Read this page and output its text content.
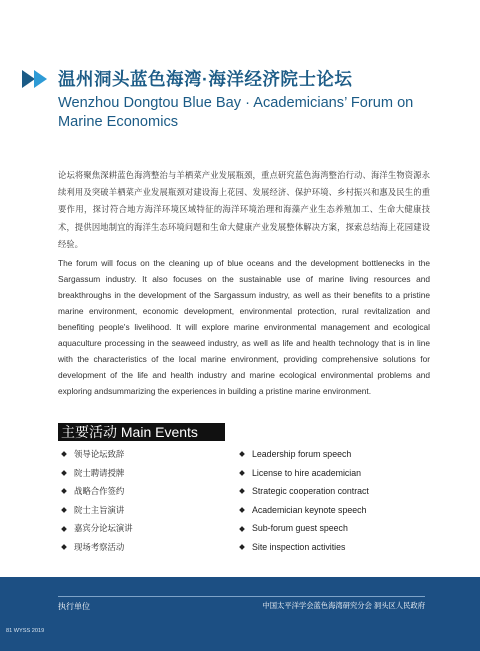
温州洞头蓝色海湾·海洋经济院士论坛
Wenzhou Dongtou Blue Bay · Academicians’ Forum on Marine Economics
论坛将聚焦深耕蓝色海湾整治与羊栖菜产业发展瓶颈，重点研究蓝色海湾整治行动、海洋生物资源永续利用及突破羊栖菜产业发展瓶颈对建设海上花园、发展经济、保护环境、乡村振兴和惠及民生的重要作用，探讨符合地方海洋环境区域特征的海洋环境治理和海藻产业生态养殖加工、生命大健康技术，提供因地制宜的海洋生态环境问题和生命大健康产业发展整体解决方案，探索总结海上花园建设经验。
The forum will focus on the cleaning up of blue oceans and the development bottlenecks in the Sargassum industry. It also focuses on the sustainable use of marine living resources and breakthroughs in the development of the Sargassum industry, as well as their benefits to a pristine marine environment, economic development, environmental protection, rural revitalization and benefiting people's livelihood. It will explore marine environmental management and ecological aquaculture processing in the seaweed industry, as well as life and health technology that is in line with the characteristics of the local marine environment, providing comprehensive solutions for development of the life and health industry and marine ecological environmental problems and exploring andsummarizing the experiences in building a pristine marine environment.
主要活动 Main Events
领导论坛致辞
院士聘请授牌
战略合作签约
院士主旨演讲
嘉宾分论坛演讲
现场考察活动
Leadership forum speech
License to hire academician
Strategic cooperation contract
Academician keynote speech
Sub-forum guest speech
Site inspection activities
执行单位	中国太平洋学会蓝色海湾研究分会 洞头区人民政府
81 WYSS 2019
